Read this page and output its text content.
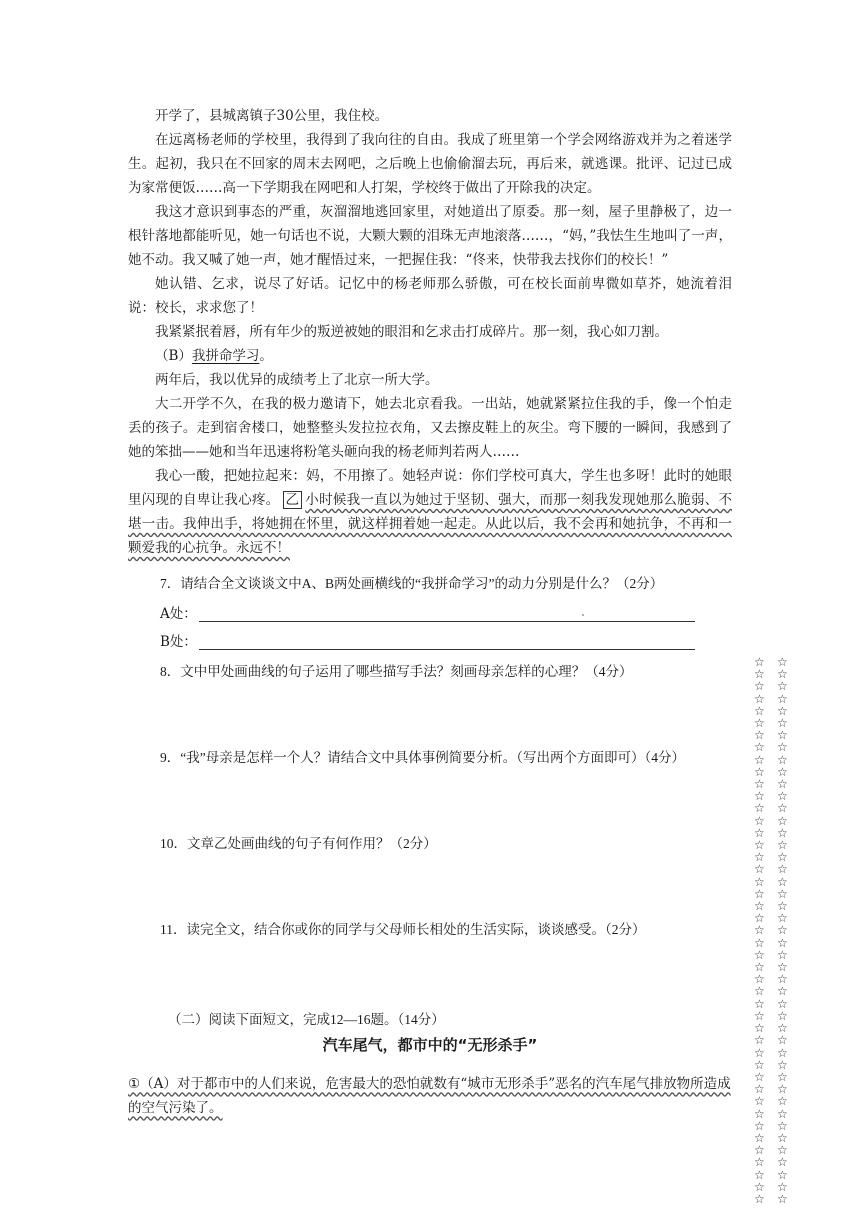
开学了，县城离镇子30公里，我住校。

在远离杨老师的学校里，我得到了我向往的自由。我成了班里第一个学会网络游戏并为之着迷学生。起初，我只在不回家的周末去网吧，之后晚上也偷偷溜去玩，再后来，就逃课。批评、记过已成为家常便饭……高一下学期我在网吧和人打架，学校终于做出了开除我的决定。

我这才意识到事态的严重，灰溜溜地逃回家里，对她道出了原委。那一刻，屋子里静极了，边一根针落地都能听见，她一句话也不说，大颗大颗的泪珠无声地滚落……，“妈，”我怯生生地叫了一声，她不动。我又喊了她一声，她才醒悟过来，一把握住我：“佟来，快带我去找你们的校长！”

她认错、乞求，说尽了好话。记忆中的杨老师那么骄傲，可在校长面前卑微如草芥，她流着泪说：校长，求求您了！

我紧紧抿着唇，所有年少的叛逆被她的眼泪和乞求击打成碎片。那一刻，我心如刀割。

（B）我拼命学习。

两年后，我以优异的成绩考上了北京一所大学。

大二开学不久，在我的极力邀请下，她去北京看我。一出站，她就紧紧拉住我的手，像一个怕走丢的孩子。走到宿舍楼口，她整整头发拉拉衣角，又去擦皮鞋上的灰尘。弯下腰的一瞬间，我感到了她的笨拙——她和当年迅速将粉笔头砸向我的杨老师判若两人……

我心一酸，把她拉起来：妈，不用擦了。她轻声说：你们学校可真大，学生也多呀！此时的她眼里闪现的自卑让我心疼。 乙 小时候我一直以为她过于坚韧、强大，而那一刻我发现她那么脆弱、不堪一击。我伸出手，将她拥在怀里，就这样拥着她一起走。从此以后，我不会再和她抗争，不再和一颗爱我的心抗争。永远不！

7．请结合全文谈谈文中A、B两处画横线的“我拼命学习”的动力分别是什么？（2分）

A处：
B处：

8．文中甲处画曲线的句子运用了哪些描写手法？刻画母亲怎样的心理？（4分）

9．“我”母亲是怎样一个人？请结合文中具体事例简要分析。（写出两个方面即可）（4分）

10．文章乙处画曲线的句子有何作用？（2分）

11．读完全文，结合你或你的同学与父母师长相处的生活实际，谈谈感受。（2分）

（二）阅读下面短文，完成12—16题。（14分）

汽车尾气，都市中的“无形杀手”

①（A）对于都市中的人们来说，危害最大的恐怕就数有“城市无形杀手”恶名的汽车尾气排放物所造成的空气污染了。

☆	☆
☆	☆
☆	☆
☆	☆
☆	☆
☆	☆
☆	☆
☆	☆
☆	☆
☆	☆
☆	☆
☆	☆
☆	☆
☆	☆
☆	☆
☆	☆
☆	☆
☆	☆
☆	☆
☆	☆
☆	☆
☆	☆
☆	☆
☆	☆
☆	☆
☆	☆
☆	☆
☆	☆
☆	☆
☆	☆
☆	☆
☆	☆
☆	☆
☆	☆
☆	☆
☆	☆
☆	☆
☆	☆
☆	☆
☆	☆
☆	☆
☆	☆
☆	☆
☆	☆
☆	☆
